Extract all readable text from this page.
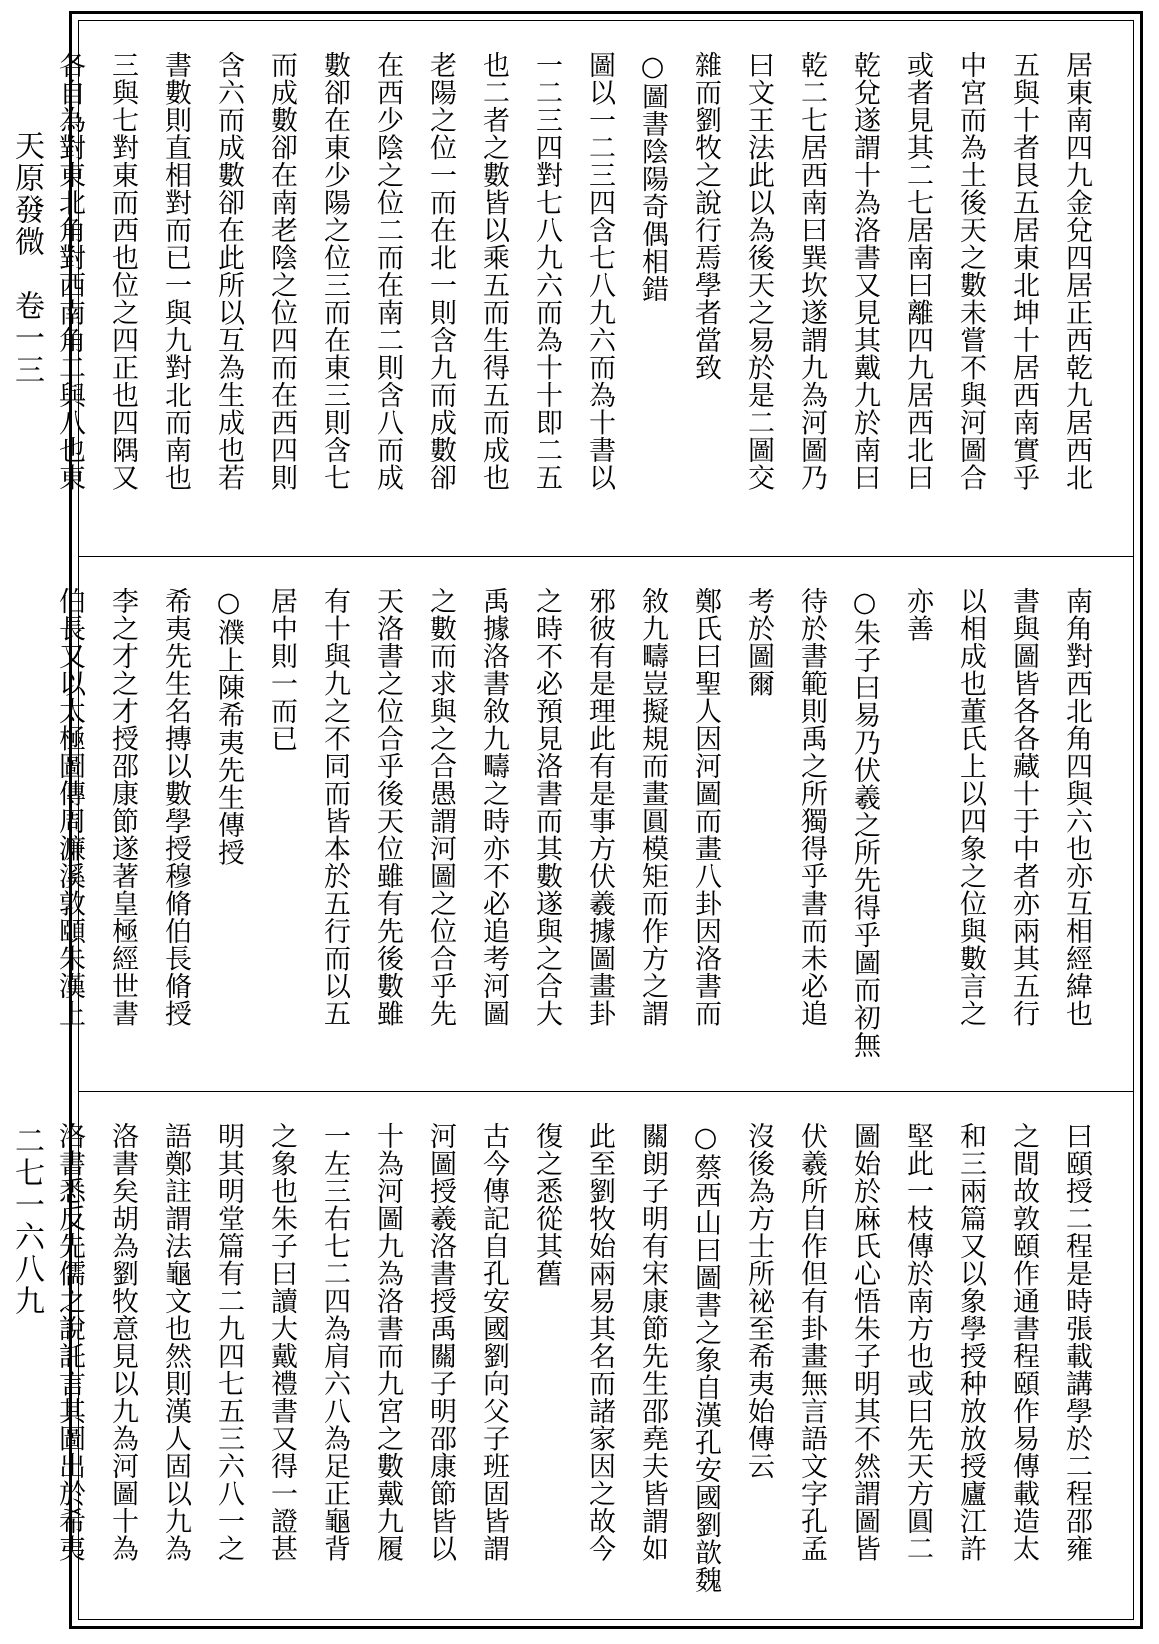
天原發微　卷一三
二七一六八九
居東南四九金兌四居正西乾九居西北
五與十者艮五居東北坤十居西南實乎
中宮而為土後天之數未嘗不與河圖合
或者見其二七居南曰離四九居西北曰
乾兌遂謂十為洛書又見其戴九於南曰
乾二七居西南曰巽坎遂謂九為河圖乃
曰文王法此以為後天之易於是二圖交
雜而劉牧之說行焉學者當致
○圖書陰陽奇偶相錯
圖以一二三四含七八九六而為十書以
一二三四對七八九六而為十十即二五
也二者之數皆以乘五而生得五而成也
老陽之位一而在北一則含九而成數卻
在西少陰之位二而在南二則含八而成
數卻在東少陽之位三而在東三則含七
而成數卻在南老陰之位四而在西四則
含六而成數卻在此所以互為生成也若
書數則直相對而已一與九對北而南也
三與七對東而西也位之四正也四隅又
各自為對東北角對西南角二與八也東
南角對西北角四與六也亦互相經緯也
書與圖皆各各藏十于中者亦兩其五行
以相成也董氏上以四象之位與數言之
亦善
○朱子曰易乃伏羲之所先得乎圖而初無
待於書範則禹之所獨得乎書而未必追
考於圖爾
鄭氏曰聖人因河圖而畫八卦因洛書而
敘九疇豈擬規而畫圓模矩而作方之謂
邪彼有是理此有是事方伏羲據圖畫卦
之時不必預見洛書而其數遂與之合大
禹據洛書敘九疇之時亦不必追考河圖
之數而求與之合愚謂河圖之位合乎先
天洛書之位合乎後天位雖有先後數雖
有十與九之不同而皆本於五行而以五
居中則一而已
○濮上陳希夷先生傳授
希夷先生名摶以數學授穆脩伯長脩授
李之才之才授邵康節遂著皇極經世書
伯長又以太極圖傳周濂溪敦頤朱漢上
曰頤授二程是時張載講學於二程邵雍
之間故敦頤作通書程頤作易傳載造太
和三兩篇又以象學授种放放授廬江許
堅此一枝傳於南方也或曰先天方圓二
圖始於麻氏心悟朱子明其不然謂圖皆
伏羲所自作但有卦畫無言語文字孔孟
沒後為方士所祕至希夷始傳云
○蔡西山曰圖書之象自漢孔安國劉歆魏
關朗子明有宋康節先生邵堯夫皆謂如
此至劉牧始兩易其名而諸家因之故今
復之悉從其舊
古今傳記自孔安國劉向父子班固皆謂
河圖授羲洛書授禹關子明邵康節皆以
十為河圖九為洛書而九宮之數戴九履
一左三右七二四為肩六八為足正龜背
之象也朱子曰讀大戴禮書又得一證甚
明其明堂篇有二九四七五三六八一之
語鄭註謂法龜文也然則漢人固以九為
洛書矣胡為劉牧意見以九為河圖十為
洛書悉反先儒之說託言其圖出於希夷
